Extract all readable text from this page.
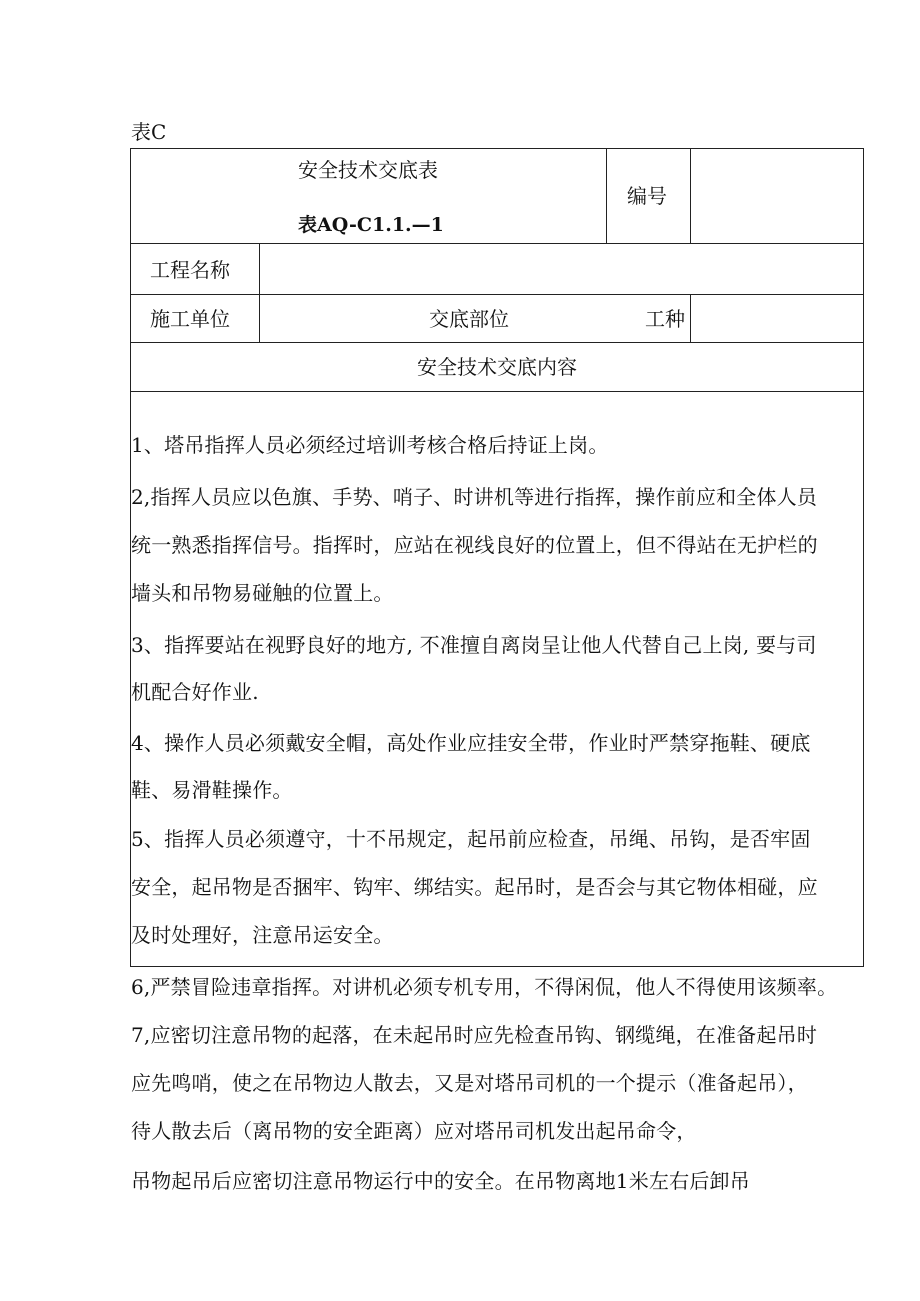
表C
安全技术交底表
表AQ-C1.1.—1
编号
工程名称
施工单位	交底部位	工种
安全技术交底内容
1、塔吊指挥人员必须经过培训考核合格后持证上岗。
2,指挥人员应以色旗、手势、哨子、时讲机等进行指挥，操作前应和全体人员
统一熟悉指挥信号。指挥时，应站在视线良好的位置上，但不得站在无护栏的
墙头和吊物易碰触的位置上。
3、指挥要站在视野良好的地方, 不准擅自离岗呈让他人代替自己上岗, 要与司
机配合好作业.
4、操作人员必须戴安全帽，高处作业应挂安全带，作业时严禁穿拖鞋、硬底
鞋、易滑鞋操作。
5、指挥人员必须遵守，十不吊规定，起吊前应检查，吊绳、吊钩，是否牢固
安全，起吊物是否捆牢、钩牢、绑结实。起吊时，是否会与其它物体相碰，应
及时处理好，注意吊运安全。
6,严禁冒险违章指挥。对讲机必须专机专用，不得闲侃，他人不得使用该频率。
7,应密切注意吊物的起落，在未起吊时应先检查吊钩、钢缆绳，在准备起吊时
应先鸣哨，使之在吊物边人散去，又是对塔吊司机的一个提示（准备起吊），
待人散去后（离吊物的安全距离）应对塔吊司机发出起吊命令，
吊物起吊后应密切注意吊物运行中的安全。在吊物离地1米左右后卸吊
